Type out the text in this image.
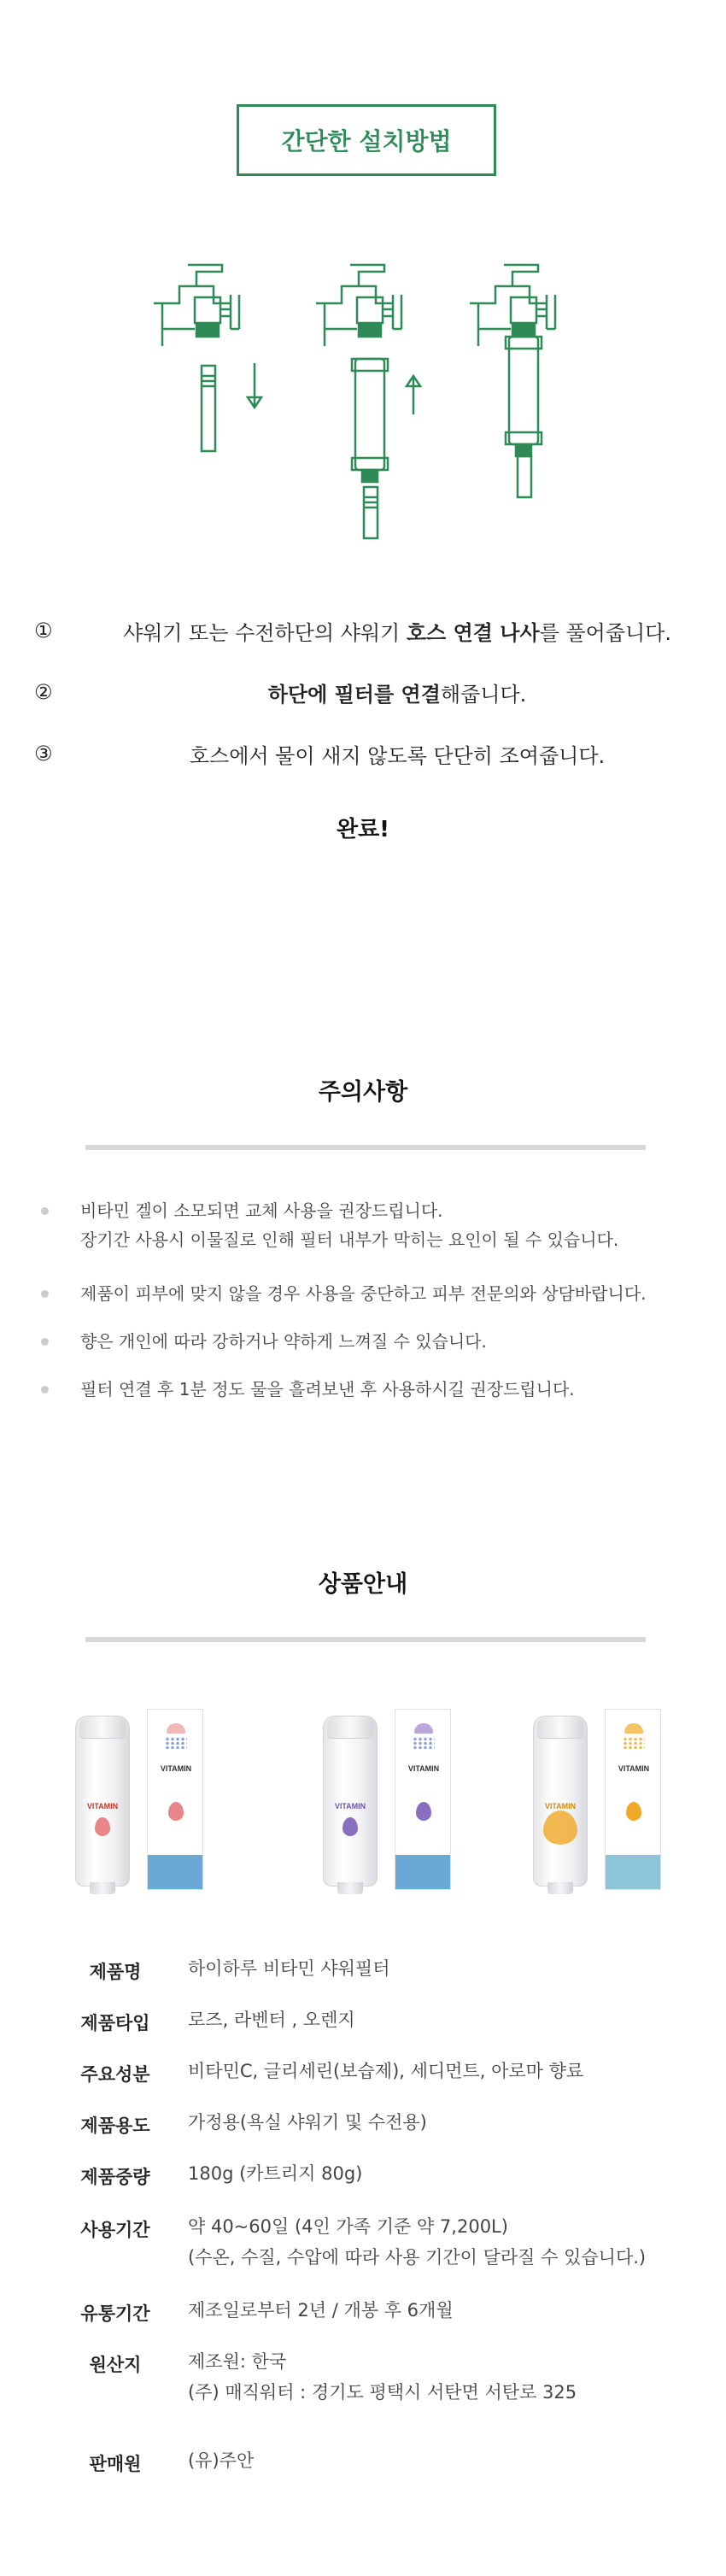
간단한 설치방법
①	샤워기 또는 수전하단의 샤워기 호스 연결 나사를 풀어줍니다.
②	하단에 필터를 연결해줍니다.
③	호스에서 물이 새지 않도록 단단히 조여줍니다.
완료!
주의사항
비타민 겔이 소모되면 교체 사용을 권장드립니다.
장기간 사용시 이물질로 인해 필터 내부가 막히는 요인이 될 수 있습니다.
제품이 피부에 맞지 않을 경우 사용을 중단하고 피부 전문의와 상담바랍니다.
향은 개인에 따라 강하거나 약하게 느껴질 수 있습니다.
필터 연결 후 1분 정도 물을 흘려보낸 후 사용하시길 권장드립니다.
상품안내
VITAMIN
VITAMIN
VITAMIN
VITAMIN
VITAMIN
VITAMIN
제품명	하이하루 비타민 샤워필터
제품타입	로즈, 라벤터 , 오렌지
주요성분	비타민C, 글리세린(보습제), 세디먼트, 아로마 향료
제품용도	가정용(욕실 샤워기 및 수전용)
제품중량	180g (카트리지 80g)
사용기간	약 40~60일 (4인 가족 기준 약 7,200L)
(수온, 수질, 수압에 따라 사용 기간이 달라질 수 있습니다.)
유통기간	제조일로부터 2년 / 개봉 후 6개월
원산지	제조원: 한국
(주) 매직워터 : 경기도 평택시 서탄면 서탄로 325
판매원	(유)주안
